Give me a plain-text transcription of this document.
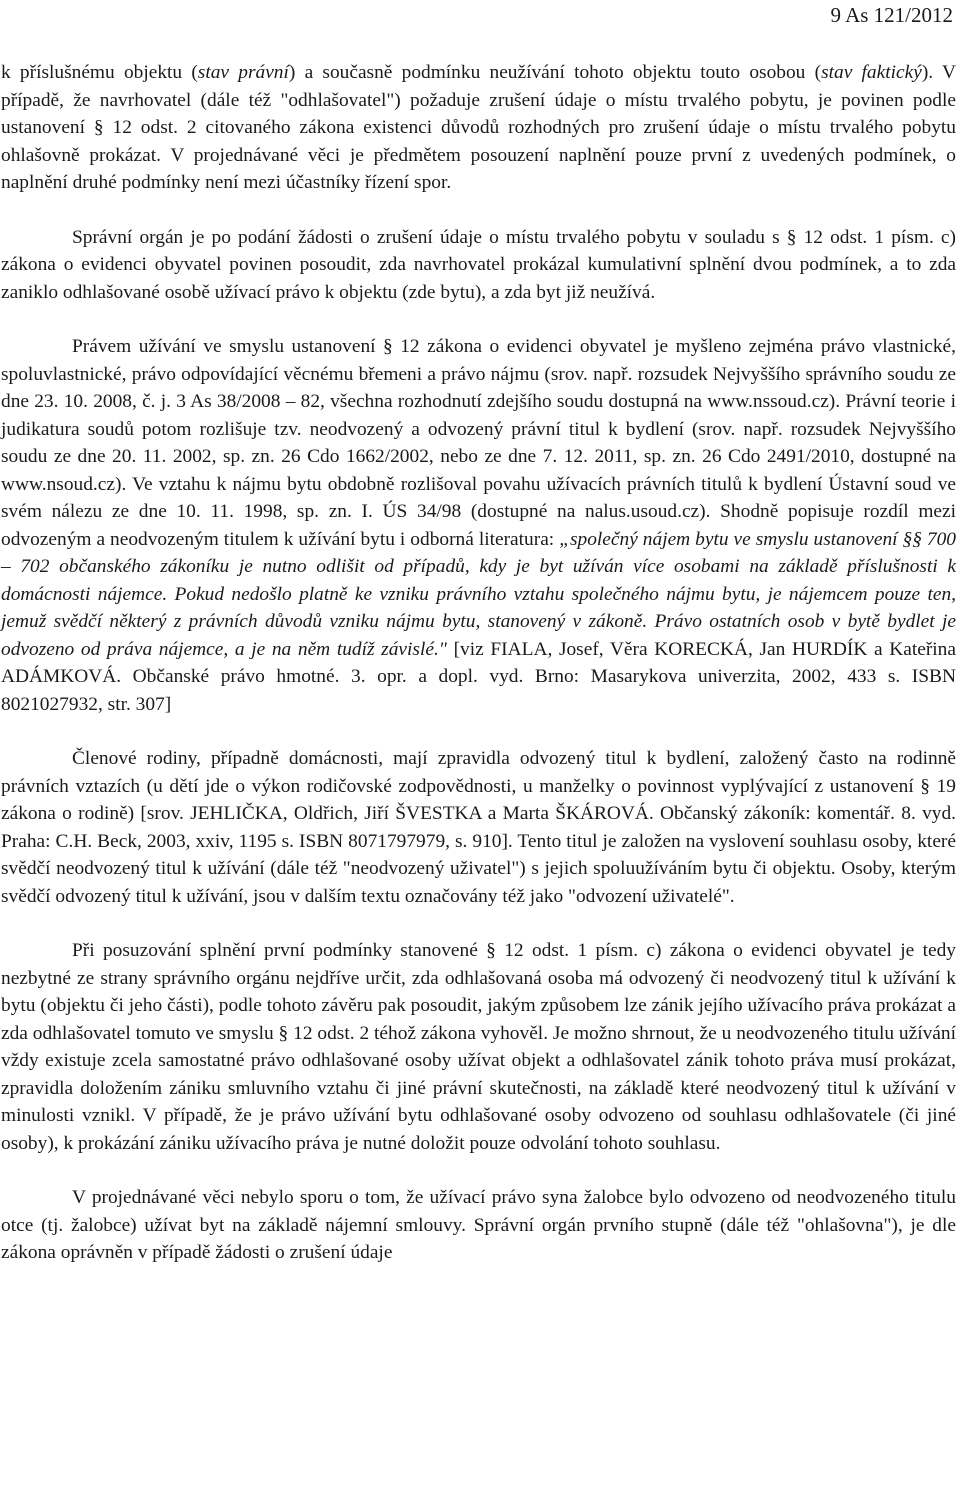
9 As 121/2012

k příslušnému objektu (stav právní) a současně podmínku neužívání tohoto objektu touto osobou (stav faktický). V případě, že navrhovatel (dále též "odhlašovatel") požaduje zrušení údaje o místu trvalého pobytu, je povinen podle ustanovení § 12 odst. 2 citovaného zákona existenci důvodů rozhodných pro zrušení údaje o místu trvalého pobytu ohlašovně prokázat. V projednávané věci je předmětem posouzení naplnění pouze první z uvedených podmínek, o naplnění druhé podmínky není mezi účastníky řízení spor.

Správní orgán je po podání žádosti o zrušení údaje o místu trvalého pobytu v souladu s § 12 odst. 1 písm. c) zákona o evidenci obyvatel povinen posoudit, zda navrhovatel prokázal kumulativní splnění dvou podmínek, a to zda zaniklo odhlašované osobě užívací právo k objektu (zde bytu), a zda byt již neužívá.

Právem užívání ve smyslu ustanovení § 12 zákona o evidenci obyvatel je myšleno zejména právo vlastnické, spoluvlastnické, právo odpovídající věcnému břemeni a právo nájmu (srov. např. rozsudek Nejvyššího správního soudu ze dne 23. 10. 2008, č. j. 3 As 38/2008 – 82, všechna rozhodnutí zdejšího soudu dostupná na www.nssoud.cz). Právní teorie i judikatura soudů potom rozlišuje tzv. neodvozený a odvozený právní titul k bydlení (srov. např. rozsudek Nejvyššího soudu ze dne 20. 11. 2002, sp. zn. 26 Cdo 1662/2002, nebo ze dne 7. 12. 2011, sp. zn. 26 Cdo 2491/2010, dostupné na www.nsoud.cz). Ve vztahu k nájmu bytu obdobně rozlišoval povahu užívacích právních titulů k bydlení Ústavní soud ve svém nálezu ze dne 10. 11. 1998, sp. zn. I. ÚS 34/98 (dostupné na nalus.usoud.cz). Shodně popisuje rozdíl mezi odvozeným a neodvozeným titulem k užívání bytu i odborná literatura: „společný nájem bytu ve smyslu ustanovení §§ 700 – 702 občanského zákoníku je nutno odlišit od případů, kdy je byt užíván více osobami na základě příslušnosti k domácnosti nájemce. Pokud nedošlo platně ke vzniku právního vztahu společného nájmu bytu, je nájemcem pouze ten, jemuž svědčí některý z právních důvodů vzniku nájmu bytu, stanovený v zákoně. Právo ostatních osob v bytě bydlet je odvozeno od práva nájemce, a je na něm tudíž závislé." [viz FIALA, Josef, Věra KORECKÁ, Jan HURDÍK a Kateřina ADÁMKOVÁ. Občanské právo hmotné. 3. opr. a dopl. vyd. Brno: Masarykova univerzita, 2002, 433 s. ISBN 8021027932, str. 307]

Členové rodiny, případně domácnosti, mají zpravidla odvozený titul k bydlení, založený často na rodinně právních vztazích (u dětí jde o výkon rodičovské zodpovědnosti, u manželky o povinnost vyplývající z ustanovení § 19 zákona o rodině) [srov. JEHLIČKA, Oldřich, Jiří ŠVESTKA a Marta ŠKÁROVÁ. Občanský zákoník: komentář. 8. vyd. Praha: C.H. Beck, 2003, xxiv, 1195 s. ISBN 8071797979, s. 910]. Tento titul je založen na vyslovení souhlasu osoby, které svědčí neodvozený titul k užívání (dále též "neodvozený uživatel") s jejich spoluužíváním bytu či objektu. Osoby, kterým svědčí odvozený titul k užívání, jsou v dalším textu označovány též jako "odvození uživatelé".

Při posuzování splnění první podmínky stanovené § 12 odst. 1 písm. c) zákona o evidenci obyvatel je tedy nezbytné ze strany správního orgánu nejdříve určit, zda odhlašovaná osoba má odvozený či neodvozený titul k užívání k bytu (objektu či jeho části), podle tohoto závěru pak posoudit, jakým způsobem lze zánik jejího užívacího práva prokázat a zda odhlašovatel tomuto ve smyslu § 12 odst. 2 téhož zákona vyhověl. Je možno shrnout, že u neodvozeného titulu užívání vždy existuje zcela samostatné právo odhlašované osoby užívat objekt a odhlašovatel zánik tohoto práva musí prokázat, zpravidla doložením zániku smluvního vztahu či jiné právní skutečnosti, na základě které neodvozený titul k užívání v minulosti vznikl. V případě, že je právo užívání bytu odhlašované osoby odvozeno od souhlasu odhlašovatele (či jiné osoby), k prokázání zániku užívacího práva je nutné doložit pouze odvolání tohoto souhlasu.

V projednávané věci nebylo sporu o tom, že užívací právo syna žalobce bylo odvozeno od neodvozeného titulu otce (tj. žalobce) užívat byt na základě nájemní smlouvy. Správní orgán prvního stupně (dále též "ohlašovna"), je dle zákona oprávněn v případě žádosti o zrušení údaje
